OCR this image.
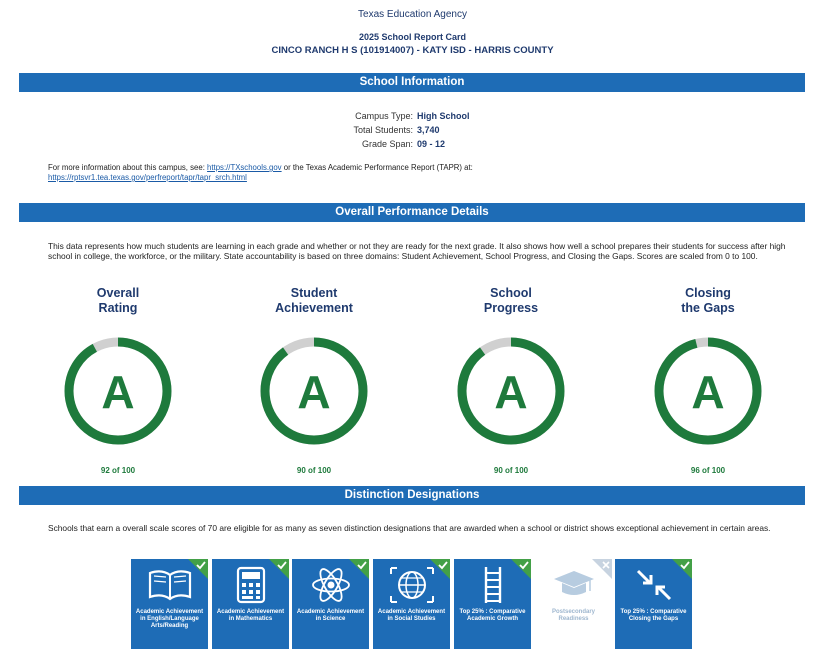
Texas Education Agency
2025 School Report Card
CINCO RANCH H S (101914007) - KATY ISD - HARRIS COUNTY
School Information
Campus Type: High School
Total Students: 3,740
Grade Span: 09 - 12
For more information about this campus, see: https://TXschools.gov or the Texas Academic Performance Report (TAPR) at: https://rptsvr1.tea.texas.gov/perfreport/tapr/tapr_srch.html
Overall Performance Details
This data represents how much students are learning in each grade and whether or not they are ready for the next grade. It also shows how well a school prepares their students for success after high school in college, the workforce, or the military. State accountability is based on three domains: Student Achievement, School Progress, and Closing the Gaps. Scores are scaled from 0 to 100.
Overall
Rating
A
92 of 100
Student
Achievement
A
90 of 100
School
Progress
A
90 of 100
Closing
the Gaps
A
96 of 100
Distinction Designations
Schools that earn a overall scale scores of 70 are eligible for as many as seven distinction designations that are awarded when a school or district shows exceptional achievement in certain areas.
Academic Achievement in English/Language Arts/Reading
Academic Achievement in Mathematics
Academic Achievement in Science
Academic Achievement in Social Studies
Top 25% : Comparative Academic Growth
Postsecondary Readiness
Top 25% : Comparative Closing the Gaps
